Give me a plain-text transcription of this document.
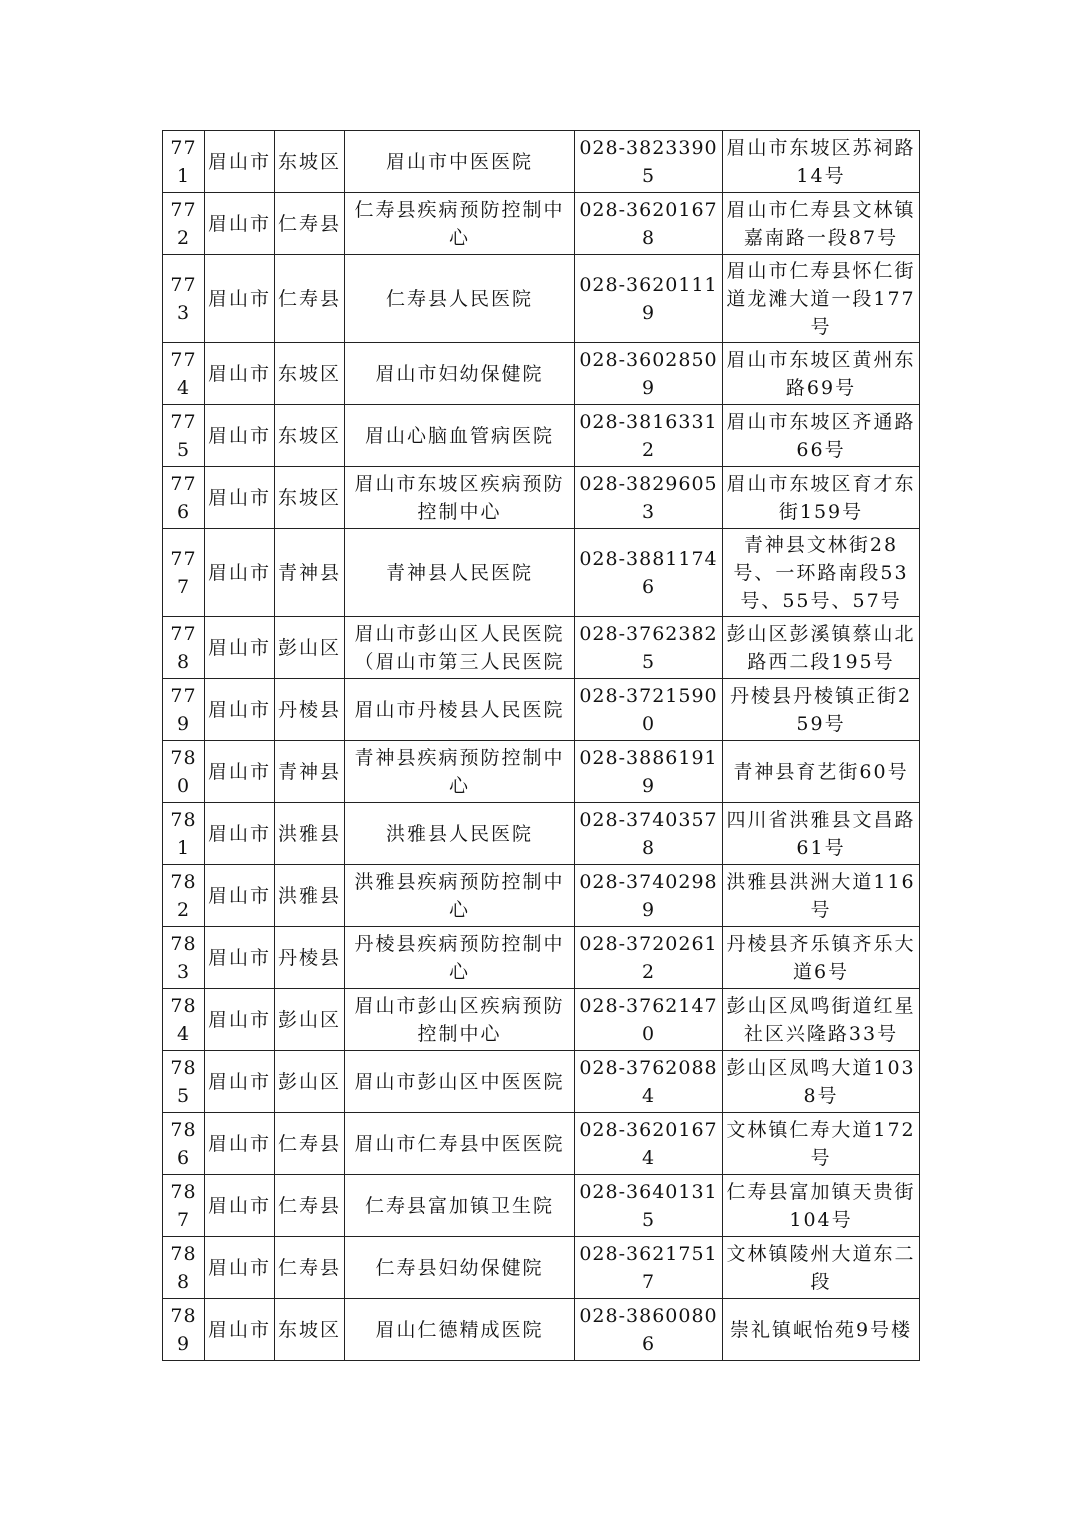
771	眉山市	东坡区	眉山市中医医院	028-38233905	眉山市东坡区苏祠路14号
772	眉山市	仁寿县	仁寿县疾病预防控制中心	028-36201678	眉山市仁寿县文林镇嘉南路一段87号
773	眉山市	仁寿县	仁寿县人民医院	028-36201119	眉山市仁寿县怀仁街道龙滩大道一段177号
774	眉山市	东坡区	眉山市妇幼保健院	028-36028509	眉山市东坡区黄州东路69号
775	眉山市	东坡区	眉山心脑血管病医院	028-38163312	眉山市东坡区齐通路66号
776	眉山市	东坡区	眉山市东坡区疾病预防控制中心	028-38296053	眉山市东坡区育才东街159号
777	眉山市	青神县	青神县人民医院	028-38811746	青神县文林街28号、一环路南段53号、55号、57号
778	眉山市	彭山区	眉山市彭山区人民医院（眉山市第三人民医院	028-37623825	彭山区彭溪镇蔡山北路西二段195号
779	眉山市	丹棱县	眉山市丹棱县人民医院	028-37215900	丹棱县丹棱镇正街259号
780	眉山市	青神县	青神县疾病预防控制中心	028-38861919	青神县育艺街60号
781	眉山市	洪雅县	洪雅县人民医院	028-37403578	四川省洪雅县文昌路61号
782	眉山市	洪雅县	洪雅县疾病预防控制中心	028-37402989	洪雅县洪洲大道116号
783	眉山市	丹棱县	丹棱县疾病预防控制中心	028-37202612	丹棱县齐乐镇齐乐大道6号
784	眉山市	彭山区	眉山市彭山区疾病预防控制中心	028-37621470	彭山区凤鸣街道红星社区兴隆路33号
785	眉山市	彭山区	眉山市彭山区中医医院	028-37620884	彭山区凤鸣大道1038号
786	眉山市	仁寿县	眉山市仁寿县中医医院	028-36201674	文林镇仁寿大道172号
787	眉山市	仁寿县	仁寿县富加镇卫生院	028-36401315	仁寿县富加镇天贵街104号
788	眉山市	仁寿县	仁寿县妇幼保健院	028-36217517	文林镇陵州大道东二段
789	眉山市	东坡区	眉山仁德精成医院	028-38600806	崇礼镇岷怡苑9号楼
